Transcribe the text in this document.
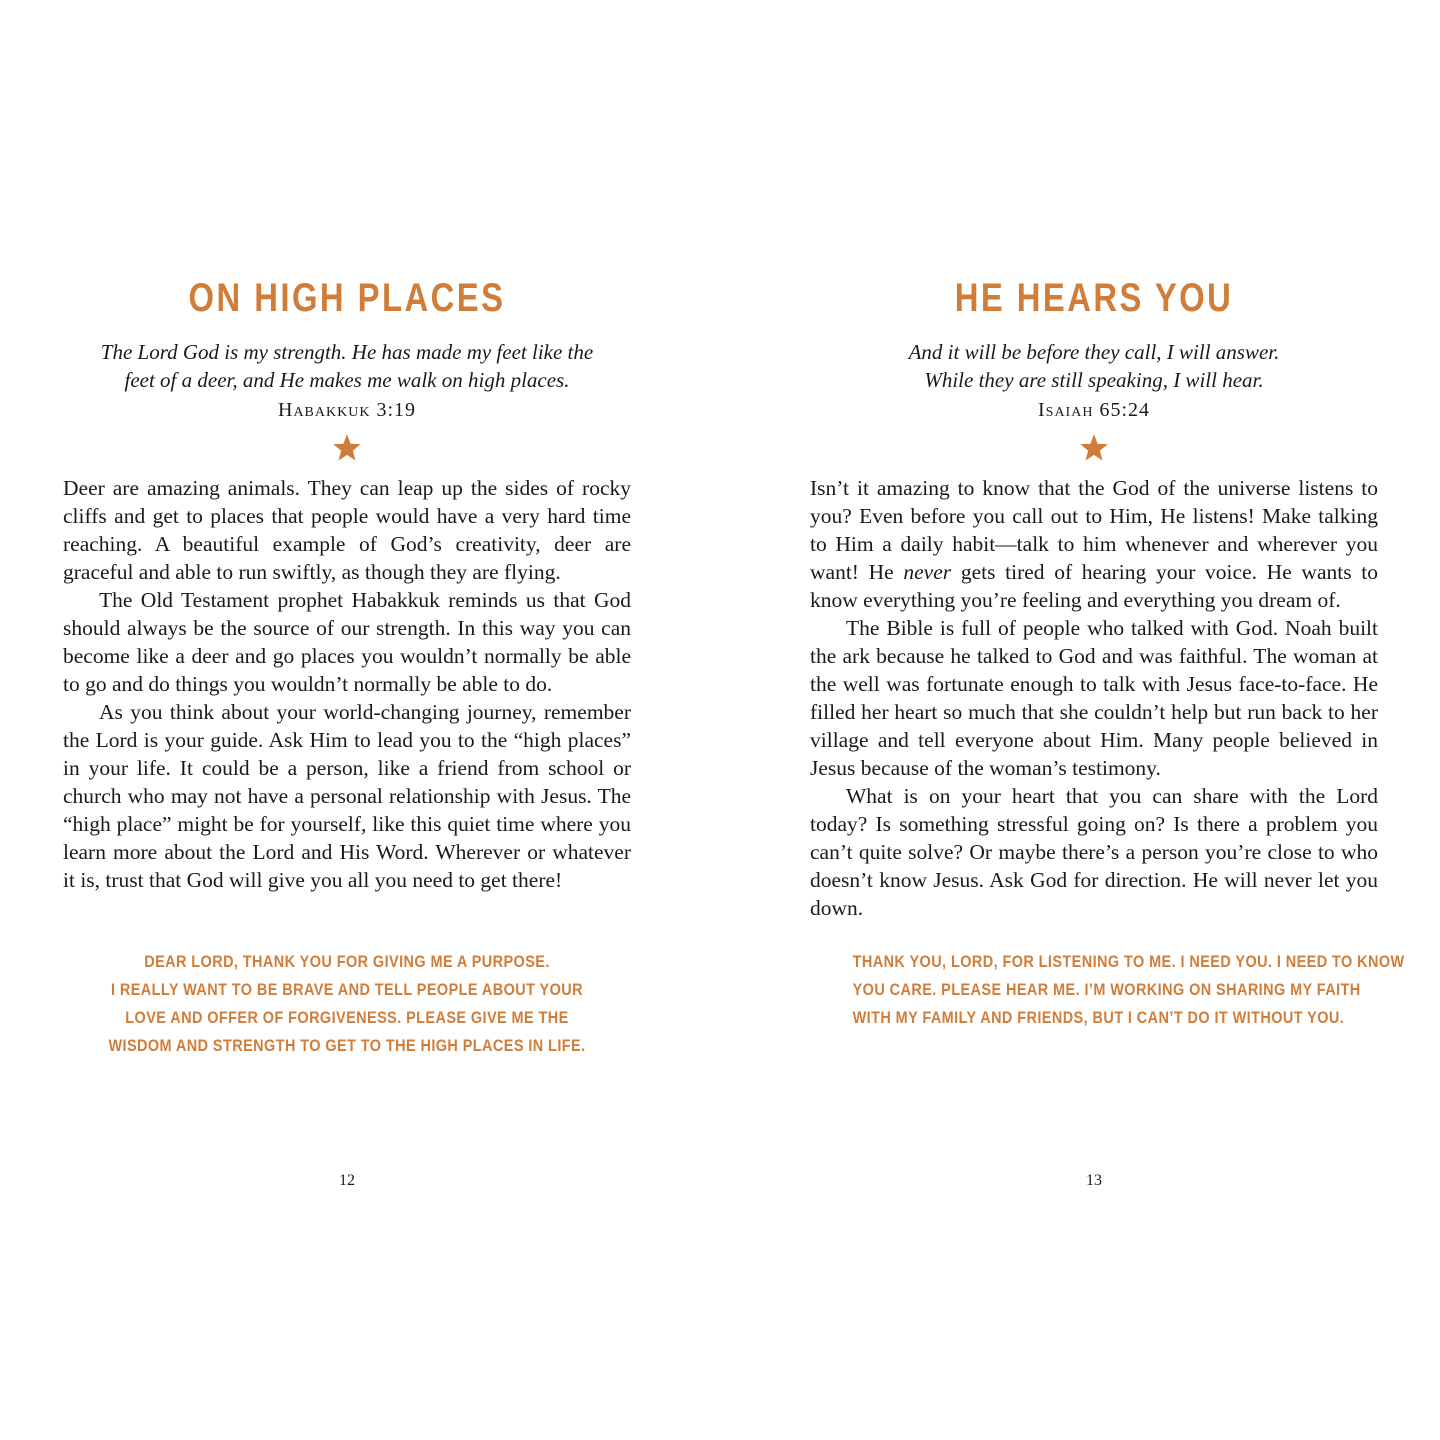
ON HIGH PLACES
The Lord God is my strength. He has made my feet like the
feet of a deer, and He makes me walk on high places.
Habakkuk 3:19

Deer are amazing animals. They can leap up the sides of rocky cliffs and get to places that people would have a very hard time reaching. A beautiful example of God’s creativity, deer are graceful and able to run swiftly, as though they are flying.

The Old Testament prophet Habakkuk reminds us that God should always be the source of our strength. In this way you can become like a deer and go places you wouldn’t normally be able to go and do things you wouldn’t normally be able to do.

As you think about your world-changing journey, remember the Lord is your guide. Ask Him to lead you to the “high places” in your life. It could be a person, like a friend from school or church who may not have a personal relationship with Jesus. The “high place” might be for yourself, like this quiet time where you learn more about the Lord and His Word. Wherever or whatever it is, trust that God will give you all you need to get there!

DEAR LORD, THANK YOU FOR GIVING ME A PURPOSE.
I REALLY WANT TO BE BRAVE AND TELL PEOPLE ABOUT YOUR
LOVE AND OFFER OF FORGIVENESS. PLEASE GIVE ME THE
WISDOM AND STRENGTH TO GET TO THE HIGH PLACES IN LIFE.
12
HE HEARS YOU
And it will be before they call, I will answer.
While they are still speaking, I will hear.
Isaiah 65:24

Isn’t it amazing to know that the God of the universe listens to you? Even before you call out to Him, He listens! Make talking to Him a daily habit—talk to him whenever and wherever you want! He never gets tired of hearing your voice. He wants to know everything you’re feeling and everything you dream of.

The Bible is full of people who talked with God. Noah built the ark because he talked to God and was faithful. The woman at the well was fortunate enough to talk with Jesus face-to-face. He filled her heart so much that she couldn’t help but run back to her village and tell everyone about Him. Many people believed in Jesus because of the woman’s testimony.

What is on your heart that you can share with the Lord today? Is something stressful going on? Is there a problem you can’t quite solve? Or maybe there’s a person you’re close to who doesn’t know Jesus. Ask God for direction. He will never let you down.

THANK YOU, LORD, FOR LISTENING TO ME. I NEED YOU. I NEED TO KNOW
YOU CARE. PLEASE HEAR ME. I’M WORKING ON SHARING MY FAITH
WITH MY FAMILY AND FRIENDS, BUT I CAN’T DO IT WITHOUT YOU.
13
